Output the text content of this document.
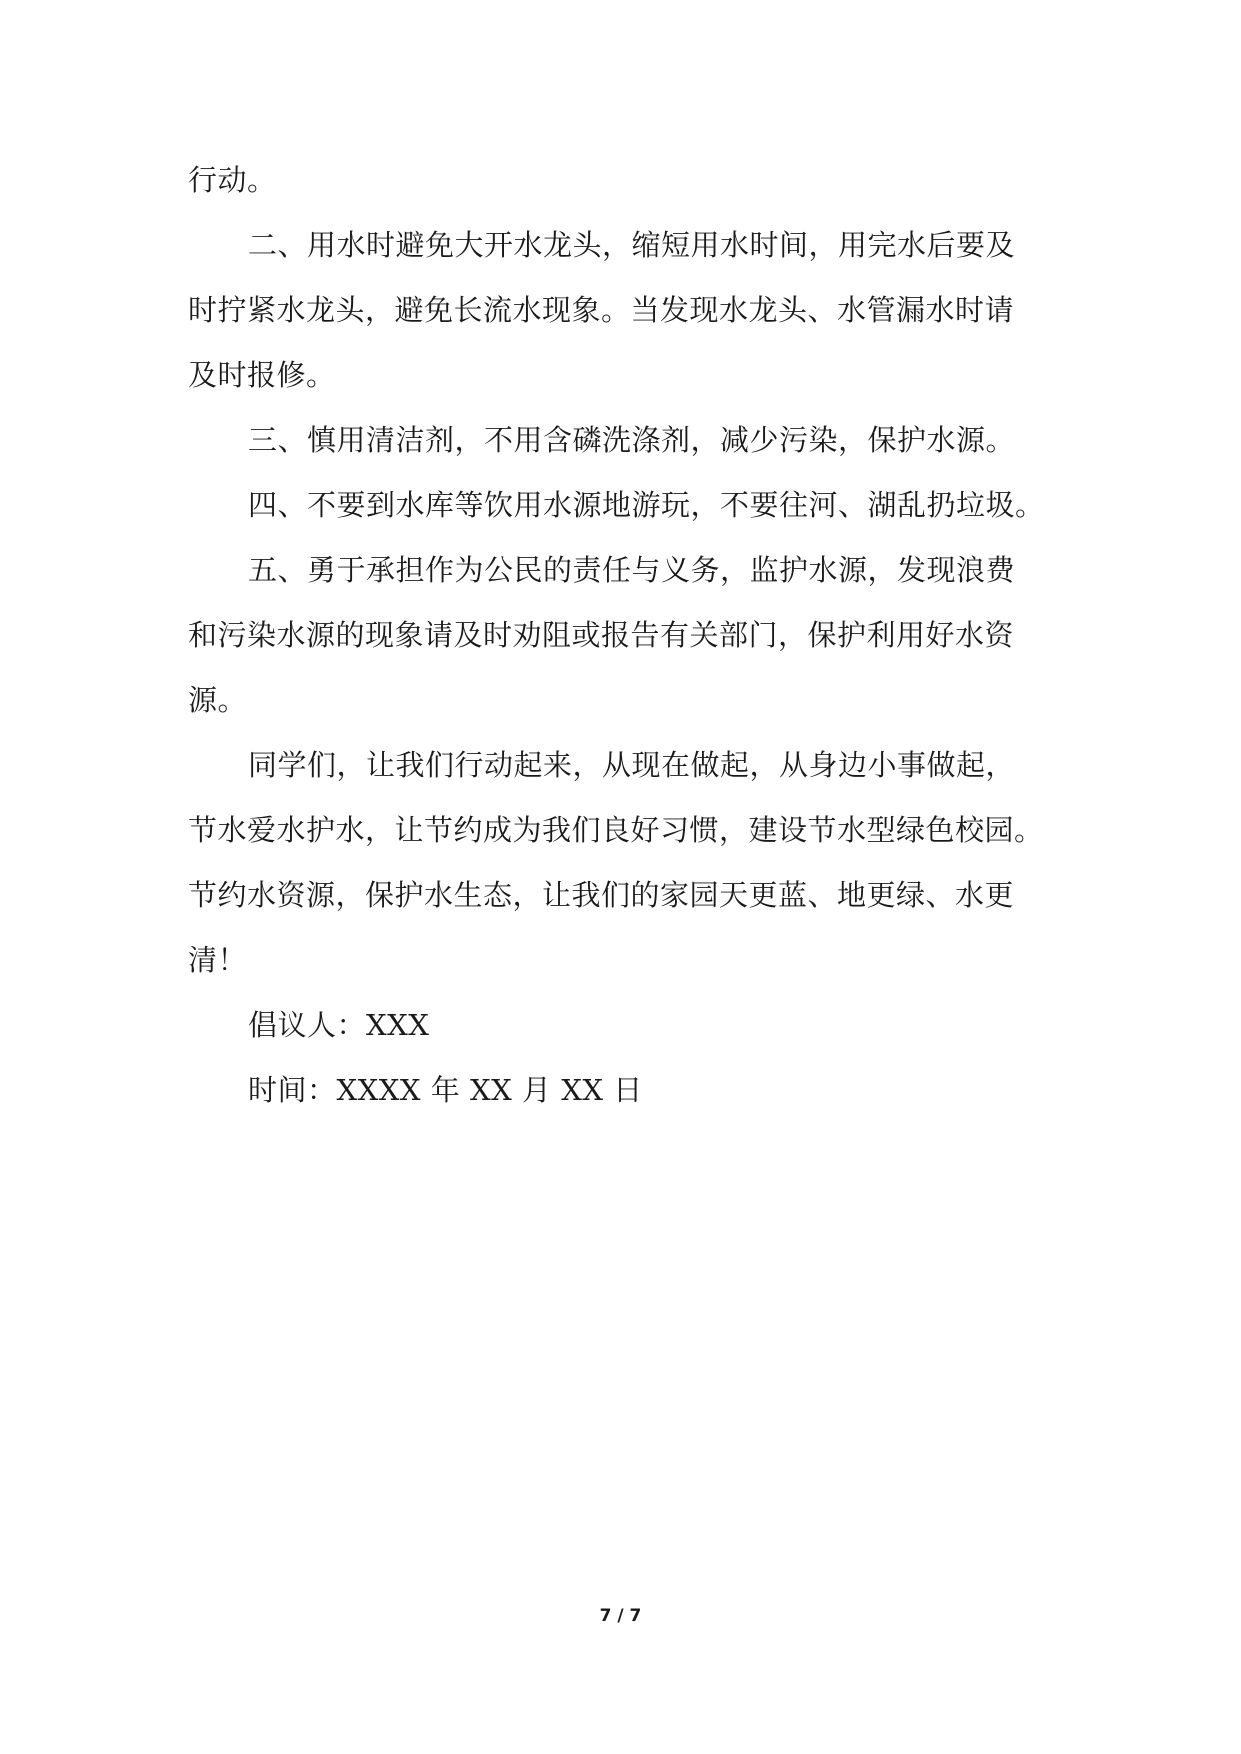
行动。
二、用水时避免大开水龙头，缩短用水时间，用完水后要及
时拧紧水龙头，避免长流水现象。当发现水龙头、水管漏水时请
及时报修。
三、慎用清洁剂，不用含磷洗涤剂，减少污染，保护水源。
四、不要到水库等饮用水源地游玩，不要往河、湖乱扔垃圾。
五、勇于承担作为公民的责任与义务，监护水源，发现浪费
和污染水源的现象请及时劝阻或报告有关部门，保护利用好水资
源。
同学们，让我们行动起来，从现在做起，从身边小事做起，
节水爱水护水，让节约成为我们良好习惯，建设节水型绿色校园。
节约水资源，保护水生态，让我们的家园天更蓝、地更绿、水更
清！
倡议人：XXX
时间：XXXX 年 XX 月 XX 日
7 / 7
